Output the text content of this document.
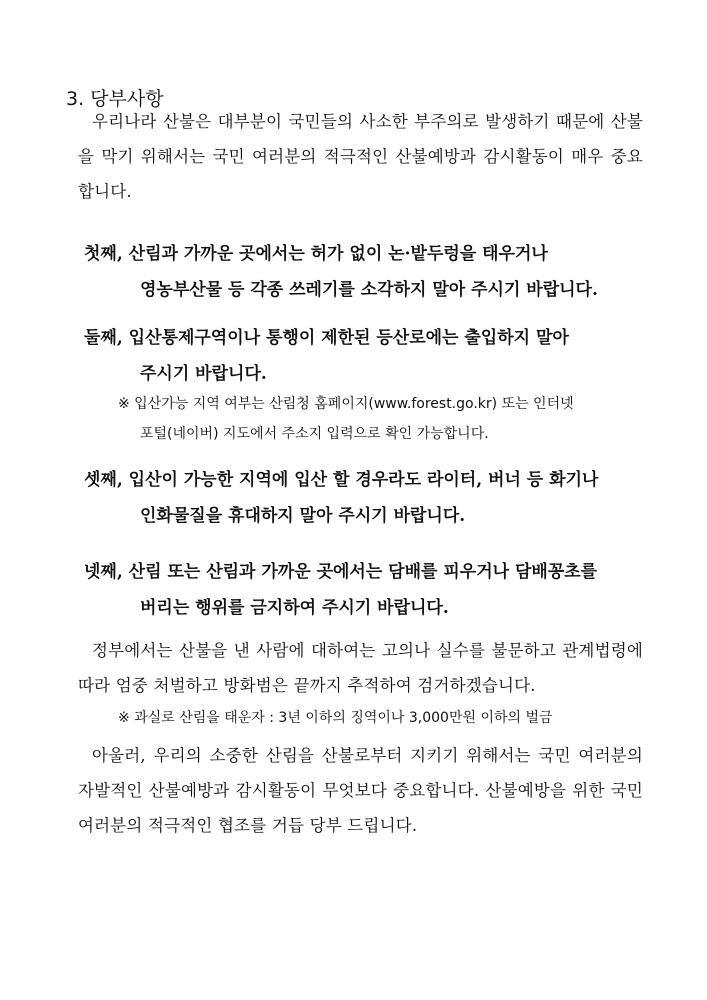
3. 당부사항

우리나라 산불은 대부분이 국민들의 사소한 부주의로 발생하기 때문에 산불을 막기 위해서는 국민 여러분의 적극적인 산불예방과 감시활동이 매우 중요합니다.

첫째, 산림과 가까운 곳에서는 허가 없이 논·밭두렁을 태우거나
영농부산물 등 각종 쓰레기를 소각하지 말아 주시기 바랍니다.
둘째, 입산통제구역이나 통행이 제한된 등산로에는 출입하지 말아
주시기 바랍니다.
※ 입산가능 지역 여부는 산림청 홈페이지(www.forest.go.kr) 또는 인터넷
포털(네이버) 지도에서 주소지 입력으로 확인 가능합니다.
셋째, 입산이 가능한 지역에 입산 할 경우라도 라이터, 버너 등 화기나
인화물질을 휴대하지 말아 주시기 바랍니다.
넷째, 산림 또는 산림과 가까운 곳에서는 담배를 피우거나 담배꽁초를
버리는 행위를 금지하여 주시기 바랍니다.

정부에서는 산불을 낸 사람에 대하여는 고의나 실수를 불문하고 관계법령에 따라 엄중 처벌하고 방화범은 끝까지 추적하여 검거하겠습니다.

※ 과실로 산림을 태운자 : 3년 이하의 징역이나 3,000만원 이하의 벌금

아울러, 우리의 소중한 산림을 산불로부터 지키기 위해서는 국민 여러분의 자발적인 산불예방과 감시활동이 무엇보다 중요합니다. 산불예방을 위한 국민 여러분의 적극적인 협조를 거듭 당부 드립니다.
